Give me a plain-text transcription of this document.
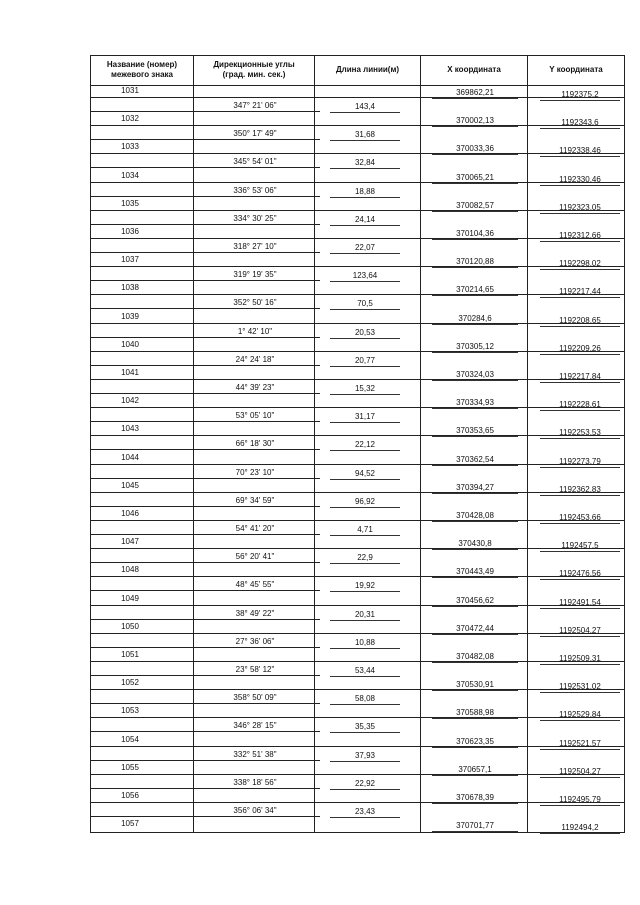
Название (номер)
межевого знака
Дирекционные углы
(град. мин. сек.)
Длина линии(м)	X координата	Y координата
1031	369862,21	1192375,2
347° 21' 06"	143,4
1032	370002,13	1192343,6
350° 17' 49"	31,68
1033	370033,36	1192338,46
345° 54' 01"	32,84
1034	370065,21	1192330,46
336° 53' 06"	18,88
1035	370082,57	1192323,05
334° 30' 25"	24,14
1036	370104,36	1192312,66
318° 27' 10"	22,07
1037	370120,88	1192298,02
319° 19' 35"	123,64
1038	370214,65	1192217,44
352° 50' 16"	70,5
1039	370284,6	1192208,65
1° 42' 10"	20,53
1040	370305,12	1192209,26
24° 24' 18"	20,77
1041	370324,03	1192217,84
44° 39' 23"	15,32
1042	370334,93	1192228,61
53° 05' 10"	31,17
1043	370353,65	1192253,53
66° 18' 30"	22,12
1044	370362,54	1192273,79
70° 23' 10"	94,52
1045	370394,27	1192362,83
69° 34' 59"	96,92
1046	370428,08	1192453,66
54° 41' 20"	4,71
1047	370430,8	1192457,5
56° 20' 41"	22,9
1048	370443,49	1192476,56
48° 45' 55"	19,92
1049	370456,62	1192491,54
38° 49' 22"	20,31
1050	370472,44	1192504,27
27° 36' 06"	10,88
1051	370482,08	1192509,31
23° 58' 12"	53,44
1052	370530,91	1192531,02
358° 50' 09"	58,08
1053	370588,98	1192529,84
346° 28' 15"	35,35
1054	370623,35	1192521,57
332° 51' 38"	37,93
1055	370657,1	1192504,27
338° 18' 56"	22,92
1056	370678,39	1192495,79
356° 06' 34"	23,43
1057	370701,77	1192494,2
